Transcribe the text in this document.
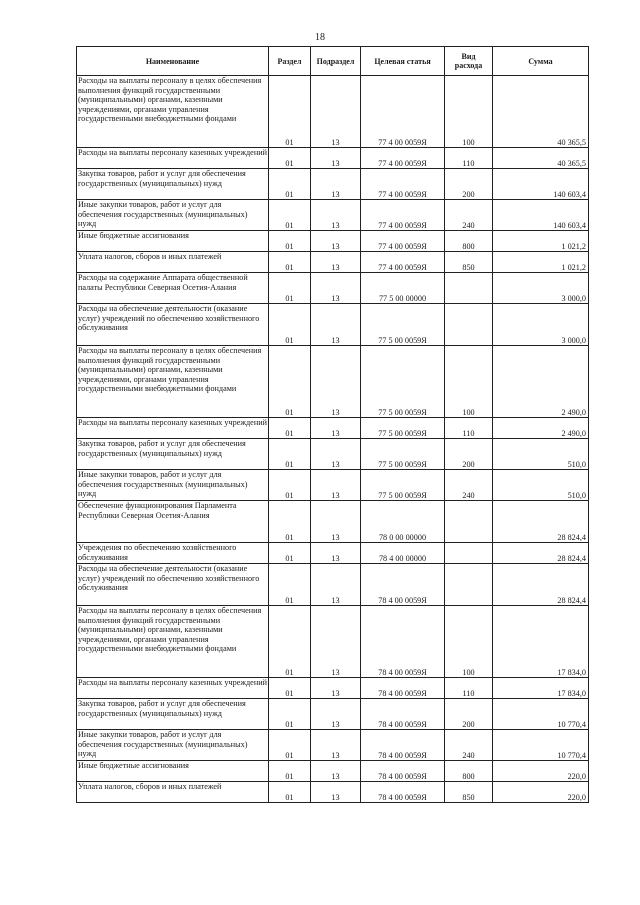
18
Наименование	Раздел	Подраздел	Целевая статья	Вид расхода	Сумма

Расходы на выплаты персоналу в целях обеспечения выполнения функций государственными (муниципальными) органами, казенными учреждениями, органами управления государственными внебюджетными фондами	01	13	77 4 00 0059Я	100	40 365,5

Расходы на выплаты персоналу казенных учреждений	01	13	77 4 00 0059Я	110	40 365,5

Закупка товаров, работ и услуг для обеспечения государственных (муниципальных) нужд	01	13	77 4 00 0059Я	200	140 603,4

Иные закупки товаров, работ и услуг для обеспечения государственных (муниципальных) нужд	01	13	77 4 00 0059Я	240	140 603,4

Иные бюджетные ассигнования	01	13	77 4 00 0059Я	800	1 021,2

Уплата налогов, сборов и иных платежей	01	13	77 4 00 0059Я	850	1 021,2

Расходы на содержание Аппарата общественной палаты Республики Северная Осетия-Алания	01	13	77 5 00 00000		3 000,0

Расходы на обеспечение деятельности (оказание услуг) учреждений по обеспечению хозяйственного обслуживания	01	13	77 5 00 0059Я		3 000,0

Расходы на выплаты персоналу в целях обеспечения выполнения функций государственными (муниципальными) органами, казенными учреждениями, органами управления государственными внебюджетными фондами	01	13	77 5 00 0059Я	100	2 490,0

Расходы на выплаты персоналу казенных учреждений	01	13	77 5 00 0059Я	110	2 490,0

Закупка товаров, работ и услуг для обеспечения государственных (муниципальных) нужд	01	13	77 5 00 0059Я	200	510,0

Иные закупки товаров, работ и услуг для обеспечения государственных (муниципальных) нужд	01	13	77 5 00 0059Я	240	510,0

Обеспечение функционирования Парламента Республики Северная Осетия-Алания	01	13	78 0 00 00000		28 824,4

Учреждения по обеспечению хозяйственного обслуживания	01	13	78 4 00 00000		28 824,4

Расходы на обеспечение деятельности (оказание услуг) учреждений по обеспечению хозяйственного обслуживания	01	13	78 4 00 0059Я		28 824,4

Расходы на выплаты персоналу в целях обеспечения выполнения функций государственными (муниципальными) органами, казенными учреждениями, органами управления государственными внебюджетными фондами	01	13	78 4 00 0059Я	100	17 834,0

Расходы на выплаты персоналу казенных учреждений	01	13	78 4 00 0059Я	110	17 834,0

Закупка товаров, работ и услуг для обеспечения государственных (муниципальных) нужд	01	13	78 4 00 0059Я	200	10 770,4

Иные закупки товаров, работ и услуг для обеспечения государственных (муниципальных) нужд	01	13	78 4 00 0059Я	240	10 770,4

Иные бюджетные ассигнования	01	13	78 4 00 0059Я	800	220,0

Уплата налогов, сборов и иных платежей	01	13	78 4 00 0059Я	850	220,0
